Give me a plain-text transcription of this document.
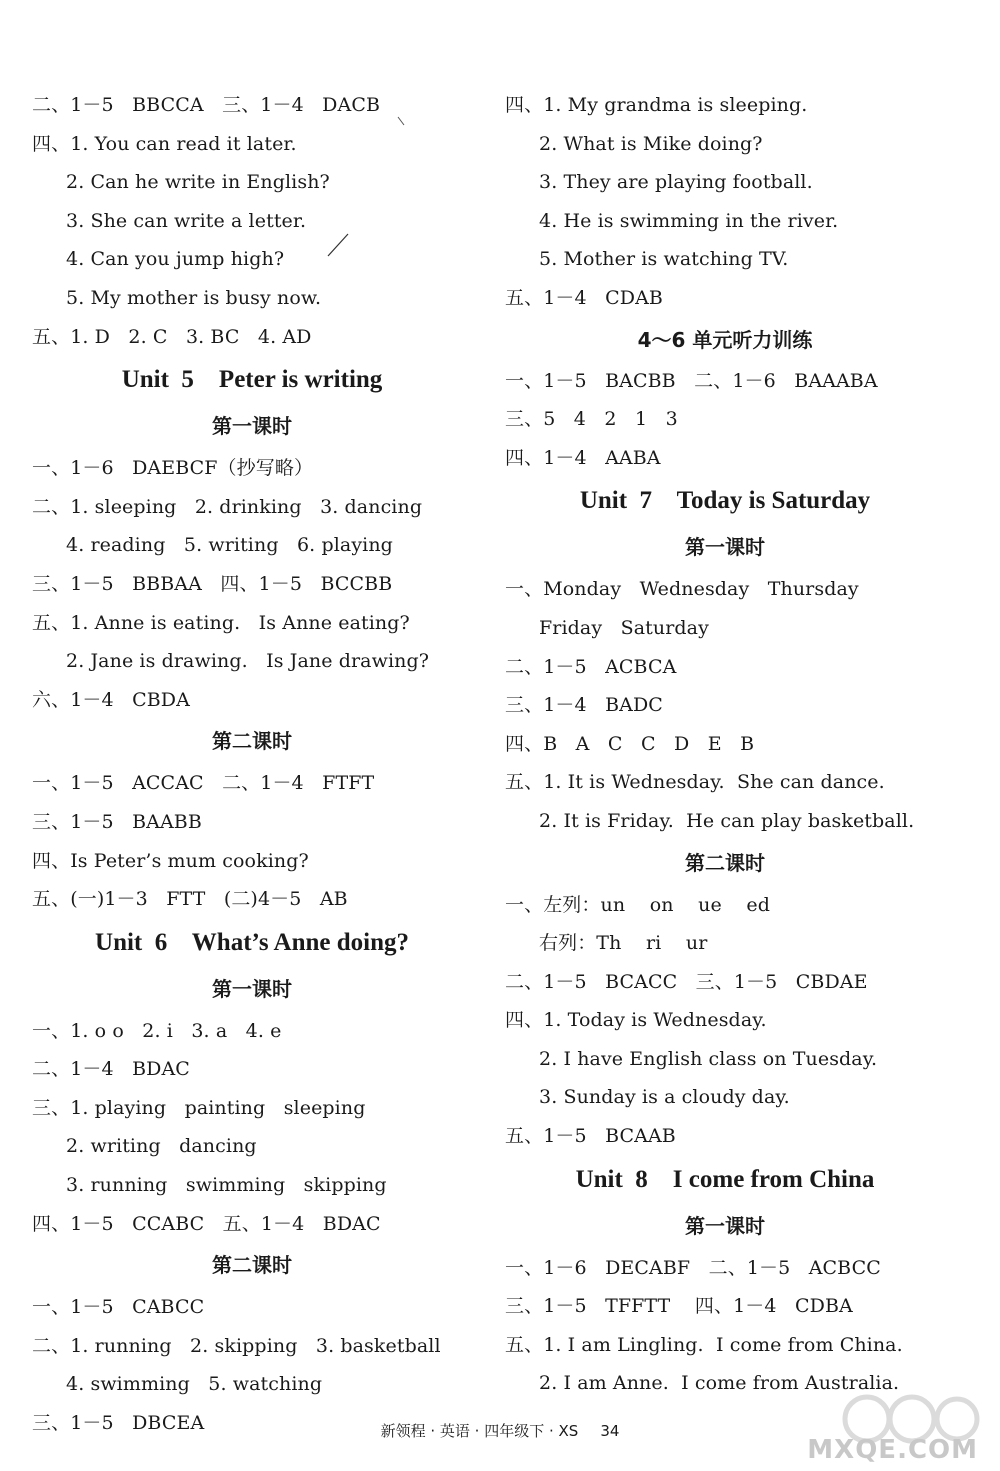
二、1－5   BBCCA   三、1－4   DACB
四、1. You can read it later.
2. Can he write in English?
3. She can write a letter.
4. Can you jump high?
5. My mother is busy now.
五、1. D   2. C   3. BC   4. AD
Unit  5    Peter is writing
第一课时
一、1－6   DAEBCF（抄写略）
二、1. sleeping   2. drinking   3. dancing
4. reading   5. writing   6. playing
三、1－5   BBBAA   四、1－5   BCCBB
五、1. Anne is eating.   Is Anne eating?
2. Jane is drawing.   Is Jane drawing?
六、1－4   CBDA
第二课时
一、1－5   ACCAC   二、1－4   FTFT
三、1－5   BAABB
四、Is Peter’s mum cooking?
五、(一)1－3   FTT   (二)4－5   AB
Unit  6    What’s Anne doing?
第一课时
一、1. o o   2. i   3. a   4. e
二、1－4   BDAC
三、1. playing   painting   sleeping
2. writing   dancing
3. running   swimming   skipping
四、1－5   CCABC   五、1－4   BDAC
第二课时
一、1－5   CABCC
二、1. running   2. skipping   3. basketball
4. swimming   5. watching
三、1－5   DBCEA
四、1. My grandma is sleeping.
2. What is Mike doing?
3. They are playing football.
4. He is swimming in the river.
5. Mother is watching TV.
五、1－4   CDAB
4～6 单元听力训练
一、1－5   BACBB   二、1－6   BAAABA
三、5   4   2   1   3
四、1－4   AABA
Unit  7    Today is Saturday
第一课时
一、Monday   Wednesday   Thursday
Friday   Saturday
二、1－5   ACBCA
三、1－4   BADC
四、B   A   C   C   D   E   B
五、1. It is Wednesday.  She can dance.
2. It is Friday.  He can play basketball.
第二课时
一、左列：un    on    ue    ed
右列：Th    ri    ur
二、1－5   BCACC   三、1－5   CBDAE
四、1. Today is Wednesday.
2. I have English class on Tuesday.
3. Sunday is a cloudy day.
五、1－5   BCAAB
Unit  8    I come from China
第一课时
一、1－6   DECABF   二、1－5   ACBCC
三、1－5   TFFTT    四、1－4   CDBA
五、1. I am Lingling.  I come from China.
2. I am Anne.  I come from Australia.
新领程 · 英语 · 四年级下 · XS 34
MXQE.COM
